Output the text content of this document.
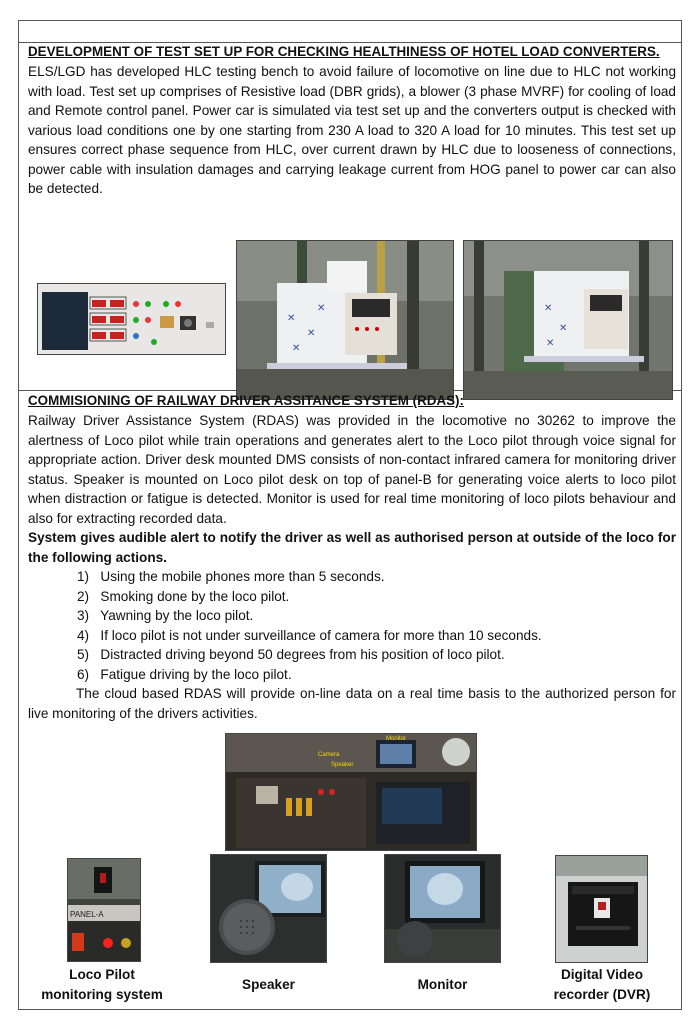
DEVELOPMENT OF TEST SET UP FOR CHECKING HEALTHINESS OF HOTEL LOAD CONVERTERS.
ELS/LGD has developed HLC testing bench to avoid failure of locomotive on line due to HLC not working with load. Test set up comprises of Resistive load (DBR grids), a blower (3 phase MVRF) for cooling of load and Remote control panel. Power car is simulated via test set up and the converters output is checked with various load conditions one by one starting from 230 A load to 320 A load for 10 minutes. This test set up ensures correct phase sequence from HLC, over current drawn by HLC due to looseness of connections, power cable with insulation damages and carrying leakage current from HOG panel to power car can also be detected.
✕
✕
✕
✕	✕
✕
✕
COMMISIONING OF RAILWAY DRIVER ASSITANCE SYSTEM (RDAS):
Railway Driver Assistance System (RDAS) was provided in the locomotive no 30262 to improve the alertness of Loco pilot while train operations and generates alert to the Loco pilot through voice signal for appropriate action. Driver desk mounted DMS consists of non-contact infrared camera for monitoring driver status. Speaker is mounted on Loco pilot desk on top of panel-B for generating voice alerts to loco pilot when distraction or fatigue is detected. Monitor is used for real time monitoring of loco pilots behaviour and also for extracting recorded data.
System gives audible alert to notify the driver as well as authorised person at outside of the loco for the following actions.
1)   Using the mobile phones more than 5 seconds.
2)   Smoking done by the loco pilot.
3)   Yawning by the loco pilot.
4)   If loco pilot is not under surveillance of camera for more than 10 seconds.
5)   Distracted driving beyond 50 degrees from his position of loco pilot.
6)   Fatigue driving by the loco pilot.
The cloud based RDAS will provide on-line data on a real time basis to the authorized person for live monitoring of the drivers activities.
Camera
Speaker
Monitor
PANEL-A
Loco Pilot
monitoring system
Speaker	Monitor
Digital Video
recorder (DVR)
